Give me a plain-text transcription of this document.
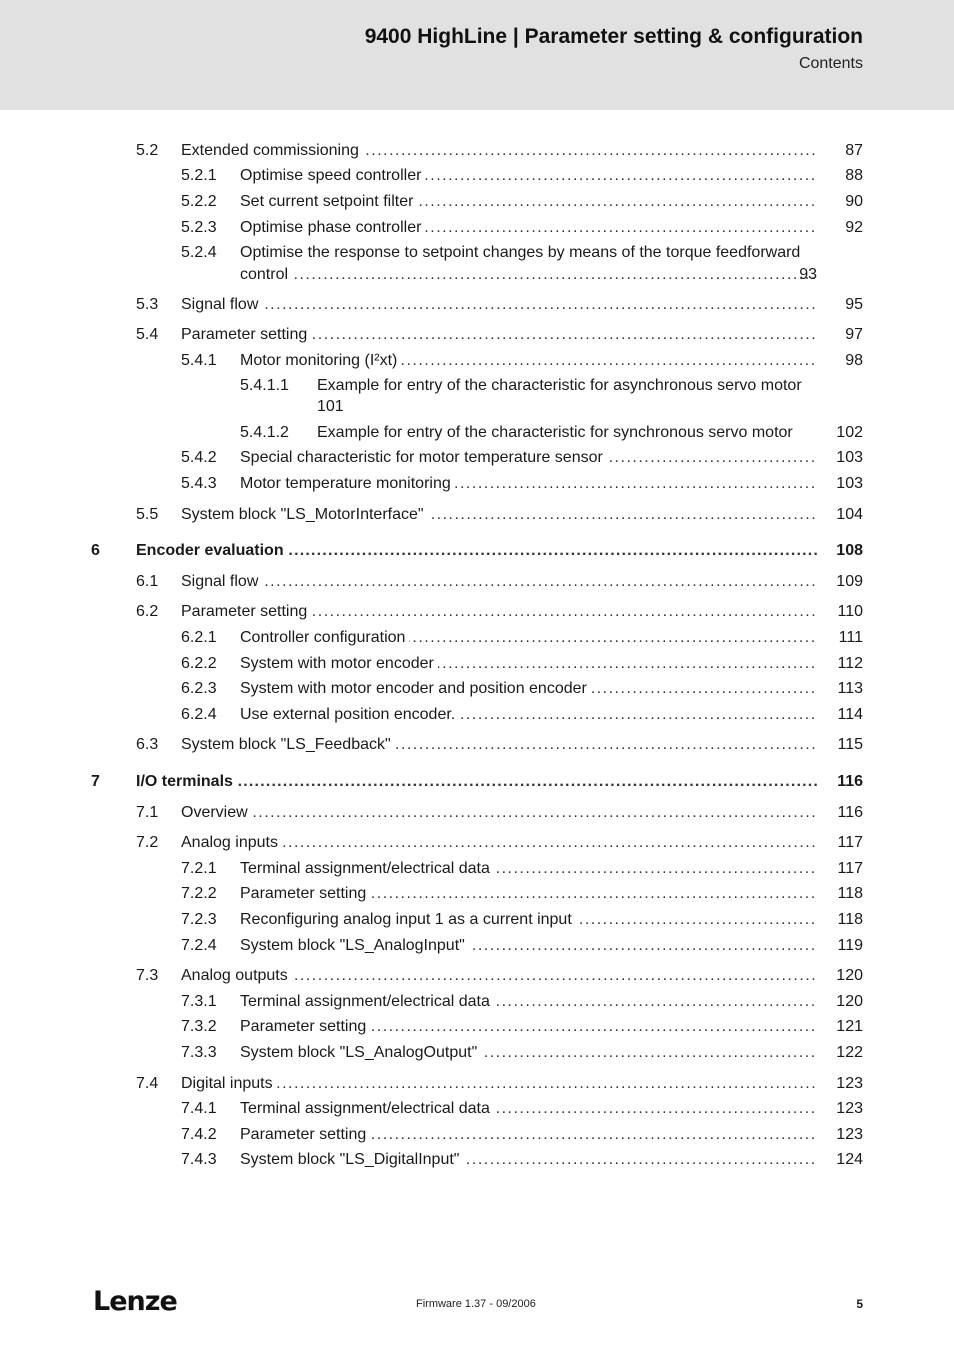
9400 HighLine | Parameter setting & configuration
Contents
5.2 Extended commissioning .....	87
5.2.1 Optimise speed controller .....	88
5.2.2 Set current setpoint filter .....	90
5.2.3 Optimise phase controller .....	92
5.2.4 Optimise the response to setpoint changes by means of the torque feedforward
control .....	93
5.3 Signal flow .....	95
5.4 Parameter setting .....	97
5.4.1 Motor monitoring (I²xt) .....	98
5.4.1.1 Example for entry of the characteristic for asynchronous servo motor
101
5.4.1.2 Example for entry of the characteristic for synchronous servo motor	102
5.4.2 Special characteristic for motor temperature sensor .....	103
5.4.3 Motor temperature monitoring .....	103
5.5 System block "LS_MotorInterface" .....	104
6 Encoder evaluation .....	108
6.1 Signal flow .....	109
6.2 Parameter setting .....	110
6.2.1 Controller configuration .....	111
6.2.2 System with motor encoder .....	112
6.2.3 System with motor encoder and position encoder .....	113
6.2.4 Use external position encoder. .....	114
6.3 System block "LS_Feedback" .....	115
7 I/O terminals .....	116
7.1 Overview .....	116
7.2 Analog inputs .....	117
7.2.1 Terminal assignment/electrical data .....	117
7.2.2 Parameter setting .....	118
7.2.3 Reconfiguring analog input 1 as a current input .....	118
7.2.4 System block "LS_AnalogInput" .....	119
7.3 Analog outputs .....	120
7.3.1 Terminal assignment/electrical data .....	120
7.3.2 Parameter setting .....	121
7.3.3 System block "LS_AnalogOutput" .....	122
7.4 Digital inputs .....	123
7.4.1 Terminal assignment/electrical data .....	123
7.4.2 Parameter setting .....	123
7.4.3 System block "LS_DigitalInput" .....	124
Lenze	Firmware 1.37 - 09/2006	5
